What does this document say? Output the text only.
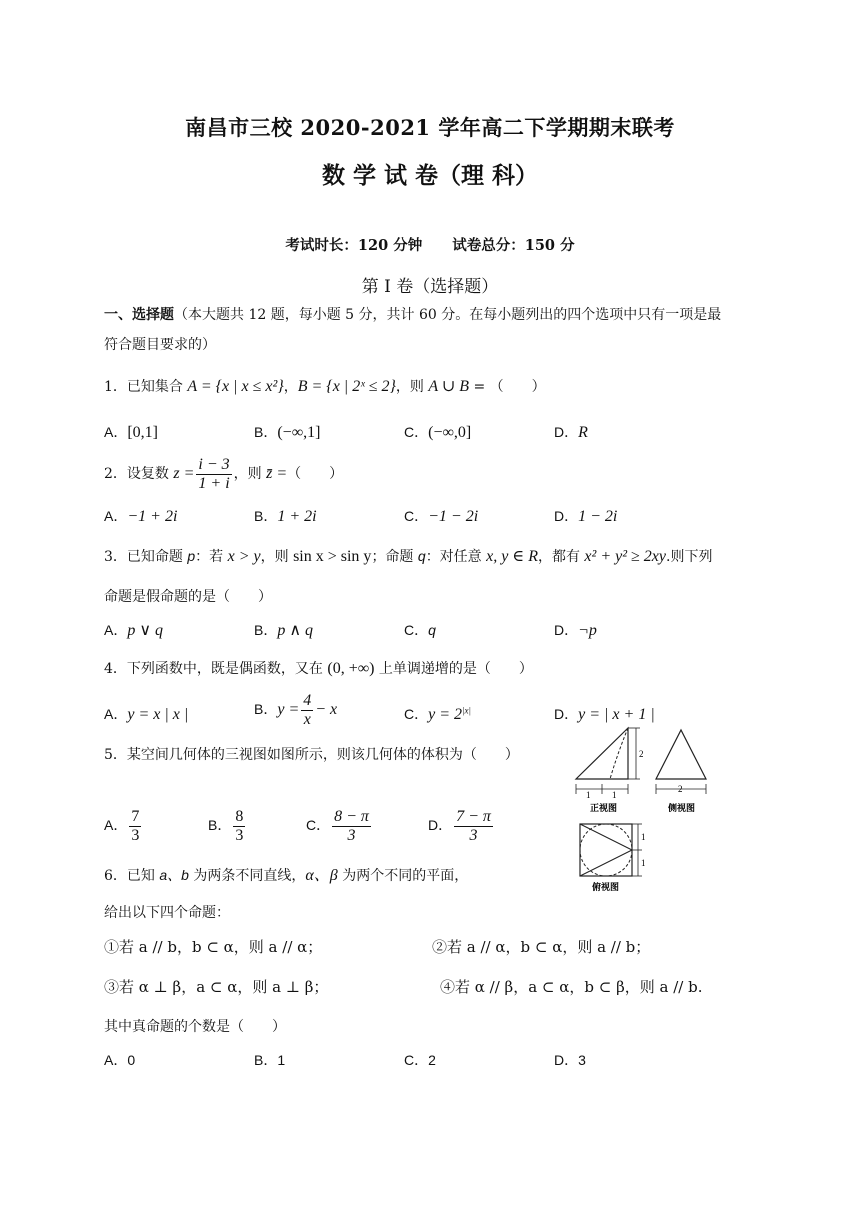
南昌市三校 2020-2021 学年高二下学期期末联考
数 学 试 卷（理 科）
考试时长：120 分钟 试卷总分：150 分
第 Ⅰ 卷（选择题）
一、选择题（本大题共 12 题，每小题 5 分，共计 60 分。在每小题列出的四个选项中只有一项是最
符合题目要求的）
1．已知集合 A = {x | x ≤ x²}，B = {x | 2ˣ ≤ 2}，则 A ∪ B = （　　）
A．[0,1]	B．(−∞,1]	C．(−∞,0]	D．R
2．设复数 $z = \frac{i - 3}{1 + i}$ ，则 z̄ =（　　）
A．−1 + 2i	B．1 + 2i	C．−1 − 2i	D．1 − 2i
3．已知命题 p：若 x > y，则 sin x > sin y；命题 q：对任意 x, y ∈ R，都有 x² + y² ≥ 2xy.则下列
命题是假命题的是（　　）
A．p ∨ q	B．p ∧ q	C．q	D．¬p
4．下列函数中，既是偶函数，又在 (0, +∞) 上单调递增的是（　　）
A．y = x | x |	B．$y = \frac{4}{x} - x$	C．$y = 2^{|x|}$	D．y = | x + 1 |
5．某空间几何体的三视图如图所示，则该几何体的体积为（　　）
A． $\frac{7}{3}$	B． $\frac{8}{3}$	C． $\frac{8 - \pi}{3}$	D． $\frac{7 - \pi}{3}$
2
1 1
正视图
2
侧视图
1
1
俯视图
6．已知 a、b 为两条不同直线，α、β 为两个不同的平面，
给出以下四个命题：
①若 a // b，b ⊂ α，则 a // α；	②若 a // α，b ⊂ α，则 a // b；
③若 α ⊥ β，a ⊂ α，则 a ⊥ β；	④若 α // β，a ⊂ α，b ⊂ β，则 a // b.
其中真命题的个数是（　　）
A．0	B．1	C．2	D．3
